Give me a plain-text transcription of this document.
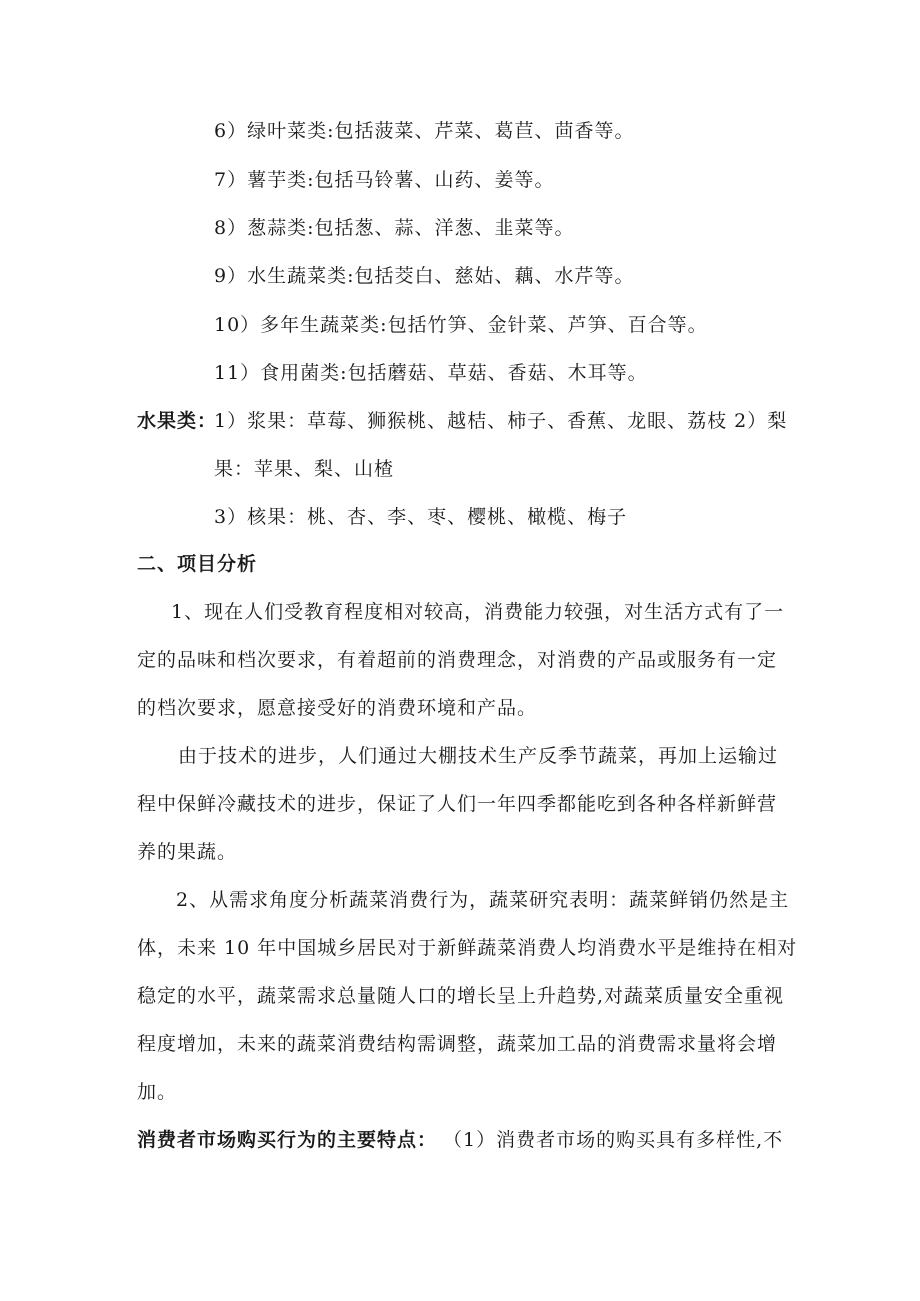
6）绿叶菜类:包括菠菜、芹菜、葛苣、茴香等。
7）薯芋类:包括马铃薯、山药、姜等。
8）葱蒜类:包括葱、蒜、洋葱、韭菜等。
9）水生蔬菜类:包括茭白、慈姑、藕、水芹等。
10）多年生蔬菜类:包括竹笋、金针菜、芦笋、百合等。
11）食用菌类:包括蘑菇、草菇、香菇、木耳等。
水果类：
1）浆果：草莓、狮猴桃、越桔、柿子、香蕉、龙眼、荔枝 2）梨
果：苹果、梨、山楂
3）核果：桃、杏、李、枣、樱桃、橄榄、梅子
二、项目分析
1、现在人们受教育程度相对较高，消费能力较强，对生活方式有了一
定的品味和档次要求，有着超前的消费理念，对消费的产品或服务有一定
的档次要求，愿意接受好的消费环境和产品。
由于技术的进步，人们通过大棚技术生产反季节蔬菜，再加上运输过
程中保鲜冷藏技术的进步，保证了人们一年四季都能吃到各种各样新鲜营
养的果蔬。
2、从需求角度分析蔬菜消费行为，蔬菜研究表明：蔬菜鲜销仍然是主
体，未来 10 年中国城乡居民对于新鲜蔬菜消费人均消费水平是维持在相对
稳定的水平，蔬菜需求总量随人口的增长呈上升趋势,对蔬菜质量安全重视
程度增加，未来的蔬菜消费结构需调整，蔬菜加工品的消费需求量将会增
加。
消费者市场购买行为的主要特点： （1）消费者市场的购买具有多样性,不
